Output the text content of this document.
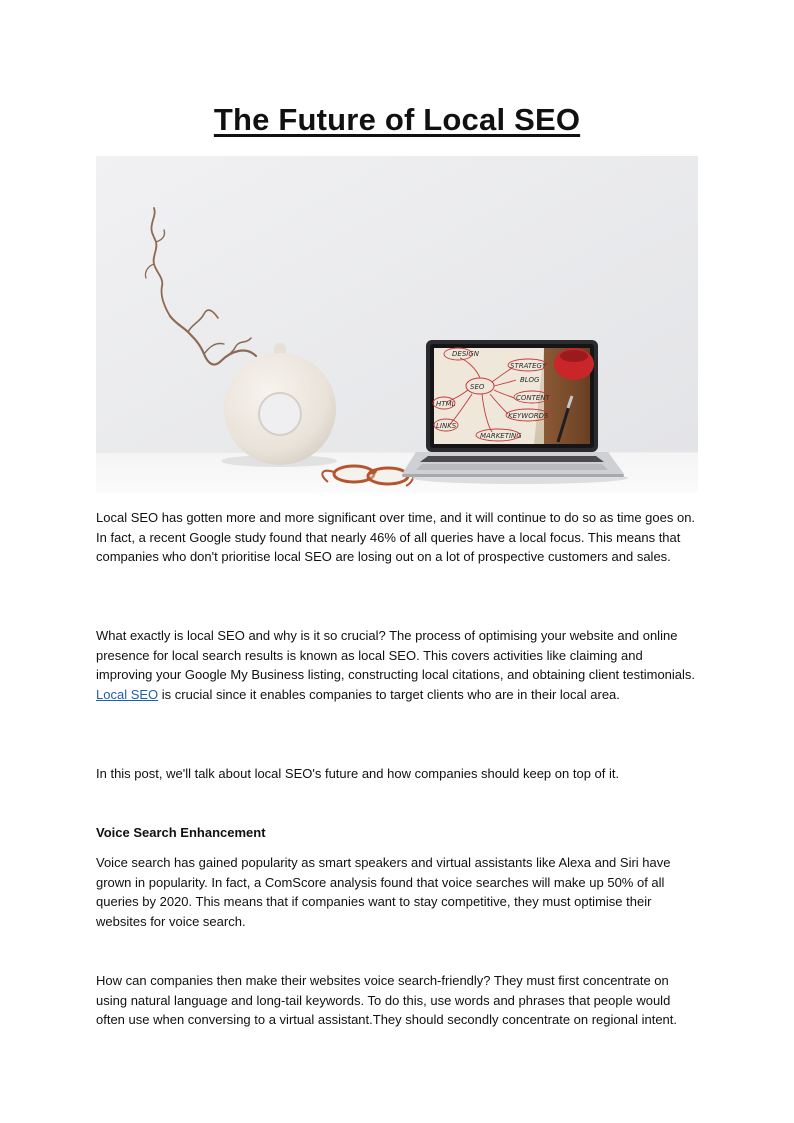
The Future of Local SEO
DESIGN
STRATEGY
SEO
BLOG
HTML
CONTENT
LINKS
KEYWORDS
MARKETING

Local SEO has gotten more and more significant over time, and it will continue to do so as time goes on. In fact, a recent Google study found that nearly 46% of all queries have a local focus. This means that companies who don't prioritise local SEO are losing out on a lot of prospective customers and sales.

What exactly is local SEO and why is it so crucial? The process of optimising your website and online presence for local search results is known as local SEO. This covers activities like claiming and improving your Google My Business listing, constructing local citations, and obtaining client testimonials. Local SEO is crucial since it enables companies to target clients who are in their local area.

In this post, we'll talk about local SEO's future and how companies should keep on top of it.

Voice Search Enhancement

Voice search has gained popularity as smart speakers and virtual assistants like Alexa and Siri have grown in popularity. In fact, a ComScore analysis found that voice searches will make up 50% of all queries by 2020. This means that if companies want to stay competitive, they must optimise their websites for voice search.

How can companies then make their websites voice search-friendly? They must first concentrate on using natural language and long-tail keywords. To do this, use words and phrases that people would often use when conversing to a virtual assistant.They should secondly concentrate on regional intent.
